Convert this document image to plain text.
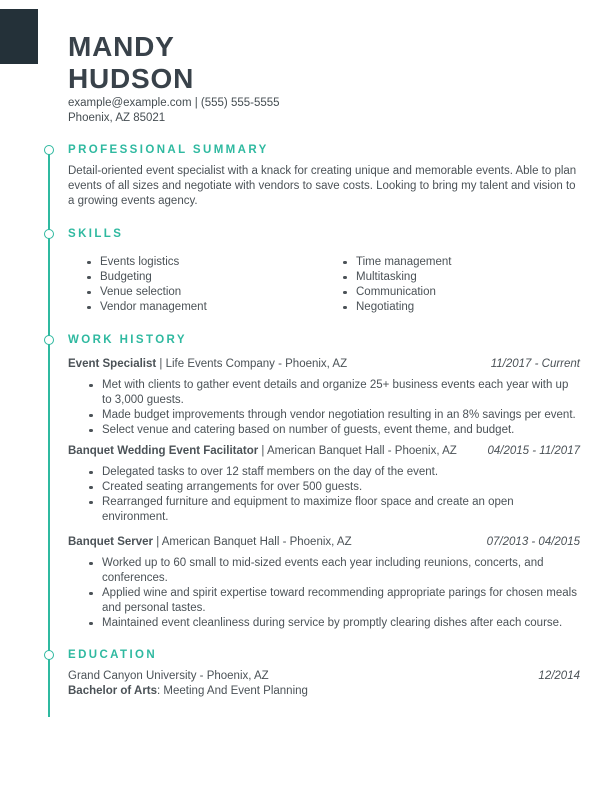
MANDY
HUDSON
example@example.com | (555) 555-5555
Phoenix, AZ 85021
PROFESSIONAL SUMMARY
Detail-oriented event specialist with a knack for creating unique and memorable events. Able to plan events of all sizes and negotiate with vendors to save costs. Looking to bring my talent and vision to a growing events agency.
SKILLS
Events logistics
Budgeting
Venue selection
Vendor management
Time management
Multitasking
Communication
Negotiating
WORK HISTORY
Event Specialist | Life Events Company - Phoenix, AZ	11/2017 - Current
Met with clients to gather event details and organize 25+ business events each year with up to 3,000 guests.
Made budget improvements through vendor negotiation resulting in an 8% savings per event.
Select venue and catering based on number of guests, event theme, and budget.
Banquet Wedding Event Facilitator | American Banquet Hall - Phoenix, AZ	04/2015 - 11/2017
Delegated tasks to over 12 staff members on the day of the event.
Created seating arrangements for over 500 guests.
Rearranged furniture and equipment to maximize floor space and create an open environment.
Banquet Server | American Banquet Hall - Phoenix, AZ	07/2013 - 04/2015
Worked up to 60 small to mid-sized events each year including reunions, concerts, and conferences.
Applied wine and spirit expertise toward recommending appropriate parings for chosen meals and personal tastes.
Maintained event cleanliness during service by promptly clearing dishes after each course.
EDUCATION
Grand Canyon University - Phoenix, AZ	12/2014
Bachelor of Arts: Meeting And Event Planning
